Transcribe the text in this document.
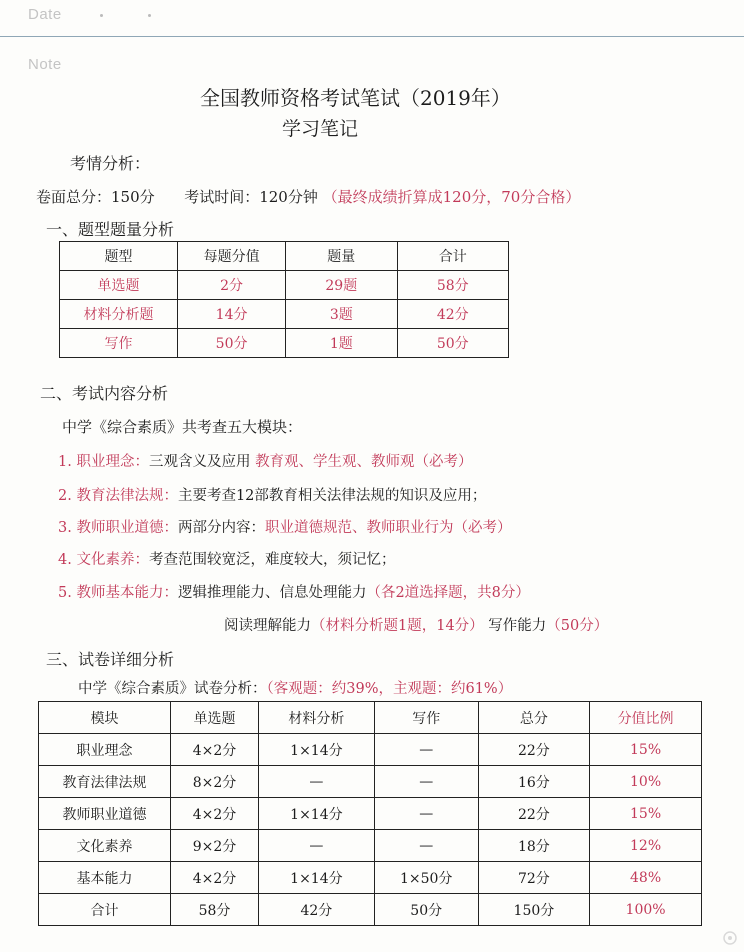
Date
Note
全国教师资格考试笔试（2019年）
学习笔记
考情分析：
卷面总分：150分 考试时间：120分钟 （最终成绩折算成120分，70分合格）
一、题型题量分析
题型	每题分值	题量	合计
单选题	2分	29题	58分
材料分析题	14分	3题	42分
写作	50分	1题	50分
二、考试内容分析
中学《综合素质》共考查五大模块：
1. 职业理念：三观含义及应用 教育观、学生观、教师观（必考）
2. 教育法律法规：主要考查12部教育相关法律法规的知识及应用；
3. 教师职业道德：两部分内容：职业道德规范、教师职业行为（必考）
4. 文化素养：考查范围较宽泛，难度较大，须记忆；
5. 教师基本能力：逻辑推理能力、信息处理能力（各2道选择题，共8分）
阅读理解能力（材料分析题1题，14分） 写作能力（50分）
三、试卷详细分析
中学《综合素质》试卷分析：（客观题：约39%，主观题：约61%）
模块	单选题	材料分析	写作	总分	分值比例
职业理念	4×2分	1×14分	—	22分	15%
教育法律法规	8×2分	—	—	16分	10%
教师职业道德	4×2分	1×14分	—	22分	15%
文化素养	9×2分	—	—	18分	12%
基本能力	4×2分	1×14分	1×50分	72分	48%
合计	58分	42分	50分	150分	100%
